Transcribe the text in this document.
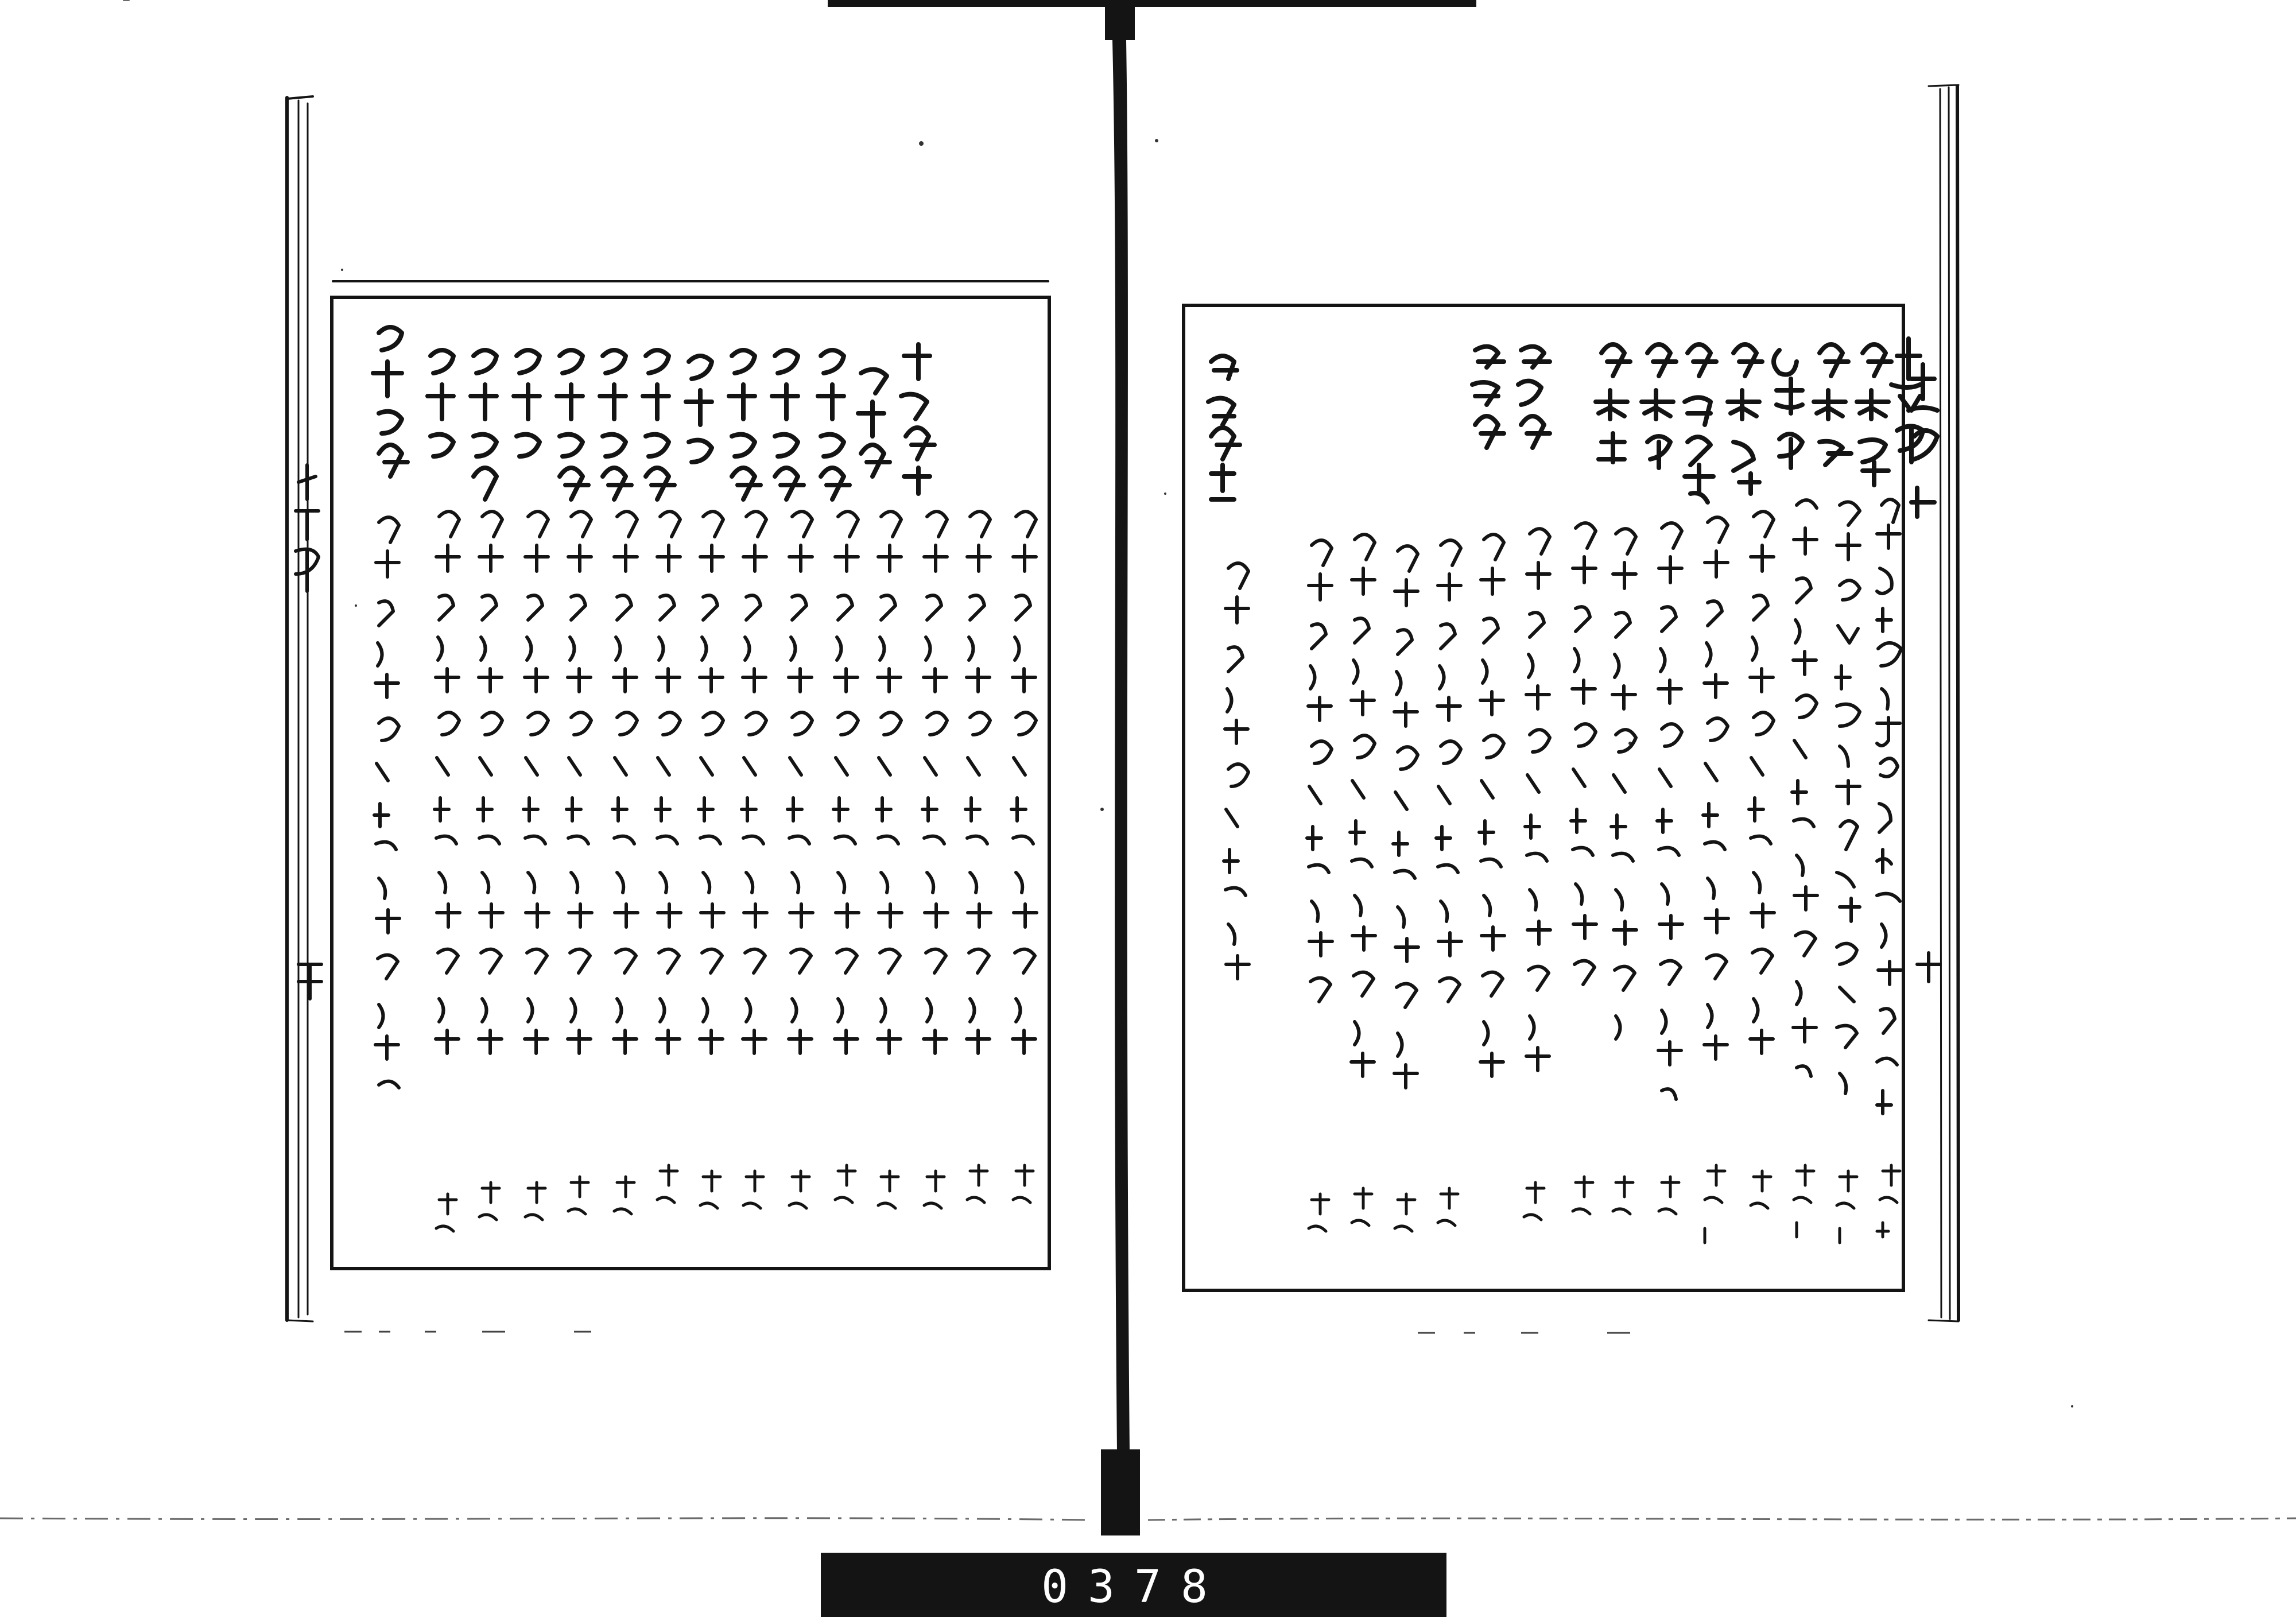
0378
